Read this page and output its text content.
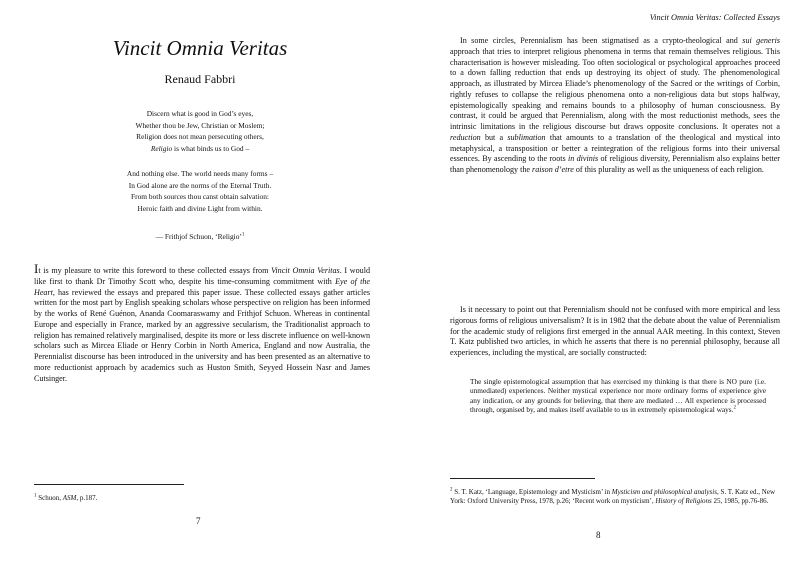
Vincit Omnia Veritas
Renaud Fabbri
Discern what is good in God’s eyes,
Whether thou be Jew, Christian or Moslem;
Religion does not mean persecuting others,
Religio is what binds us to God –
And nothing else. The world needs many forms –
In God alone are the norms of the Eternal Truth.
From both sources thou canst obtain salvation:
Heroic faith and divine Light from within.
— Frithjof Schuon, ‘Religio’$^1$

It is my pleasure to write this foreword to these collected essays from Vincit Omnia Veritas. I would like first to thank Dr Timothy Scott who, despite his time-consuming commitment with Eye of the Heart, has reviewed the essays and prepared this paper issue. These collected essays gather articles written for the most part by English speaking scholars whose perspective on religion has been informed by the works of René Guénon, Ananda Coomaraswamy and Frithjof Schuon. Whereas in continental Europe and especially in France, marked by an aggressive secularism, the Traditionalist approach to religion has remained relatively marginalised, despite its more or less discrete influence on well-known scholars such as Mircea Eliade or Henry Corbin in North America, England and now Australia, the Perennialist discourse has been introduced in the university and has been presented as an alternative to more reductionist approach by academics such as Huston Smith, Seyyed Hossein Nasr and James Cutsinger.

$^1$ Schuon, ASM, p.187.
7
Vincit Omnia Veritas: Collected Essays

In some circles, Perennialism has been stigmatised as a crypto-theological and sui generis approach that tries to interpret religious phenomena in terms that remain themselves religious. This characterisation is however misleading. Too often sociological or psychological approaches proceed to a down falling reduction that ends up destroying its object of study. The phenomenological approach, as illustrated by Mircea Eliade’s phenomenology of the Sacred or the writings of Corbin, rightly refuses to collapse the religious phenomena onto a non-religious data but stops halfway, epistemologically speaking and remains bounds to a philosophy of human consciousness. By contrast, it could be argued that Perennialism, along with the most reductionist methods, sees the intrinsic limitations in the religious discourse but draws opposite conclusions. It operates not a reduction but a sublimation that amounts to a translation of the theological and mystical into metaphysical, a transposition or better a reintegration of the religious forms into their universal essences. By ascending to the roots in divinis of religious diversity, Perennialism also explains better than phenomenology the raison d’etre of this plurality as well as the uniqueness of each religion.

Is it necessary to point out that Perennialism should not be confused with more empirical and less rigorous forms of religious universalism? It is in 1982 that the debate about the value of Perennialism for the academic study of religions first emerged in the annual AAR meeting. In this context, Steven T. Katz published two articles, in which he asserts that there is no perennial philosophy, because all experiences, including the mystical, are socially constructed:

The single epistemological assumption that has exercised my thinking is that there is NO pure (i.e. unmediated) experiences. Neither mystical experience nor more ordinary forms of experience give any indication, or any grounds for believing, that there are mediated … All experience is processed through, organised by, and makes itself available to us in extremely epistemological ways.$^2$

$^2$ S. T. Katz, ‘Language, Epistemology and Mysticism’ in Mysticism and philosophical analysis, S. T. Katz ed., New York: Oxford University Press, 1978, p.26; ‘Recent work on mysticism’, History of Religions 25, 1985, pp.76-86.
8
